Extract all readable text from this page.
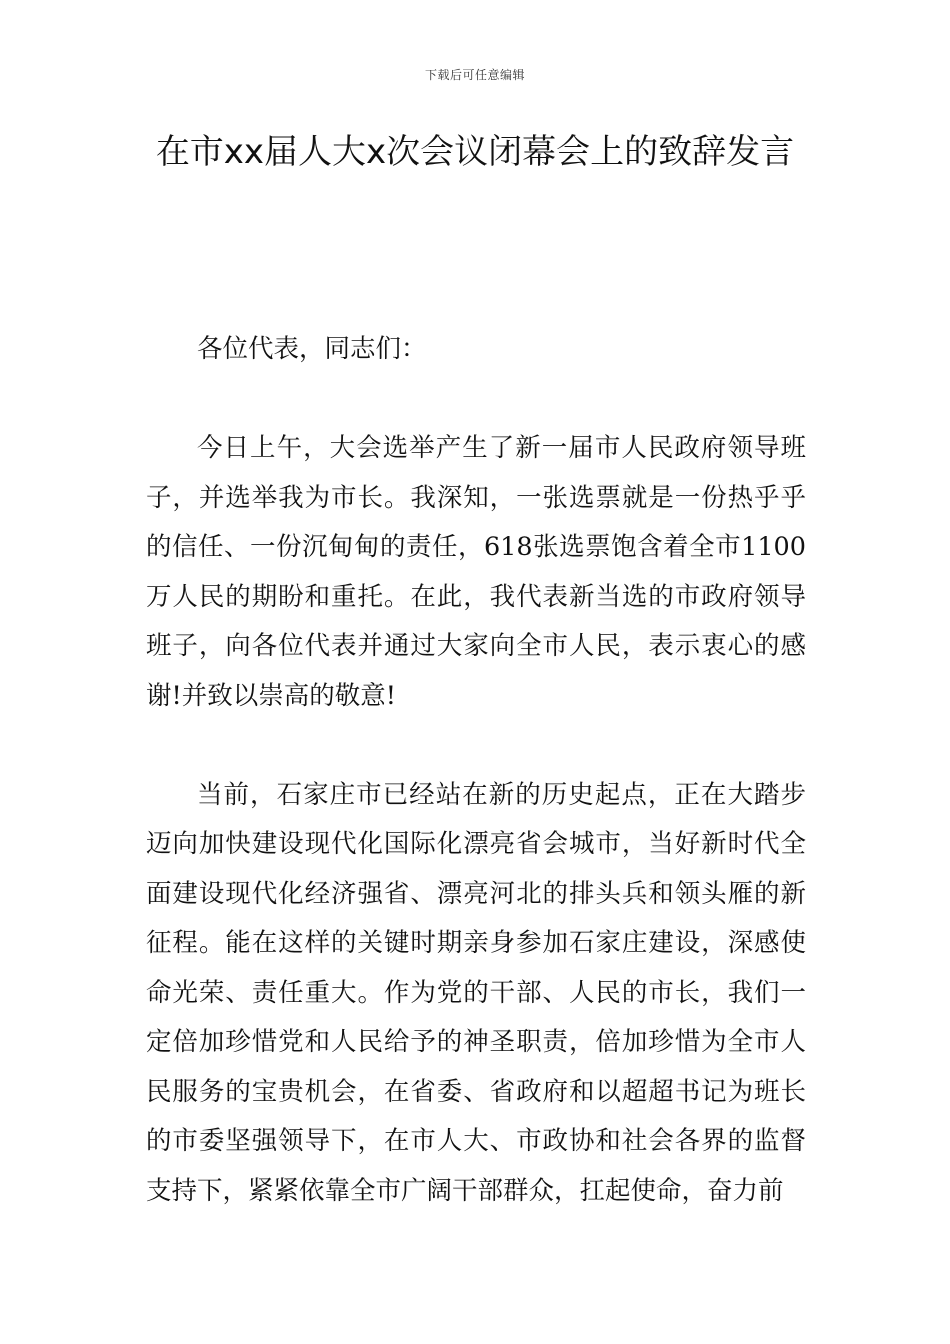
下载后可任意编辑
在市xx届人大x次会议闭幕会上的致辞发言

各位代表，同志们：

今日上午，大会选举产生了新一届市人民政府领导班子，并选举我为市长。我深知，一张选票就是一份热乎乎的信任、一份沉甸甸的责任，618张选票饱含着全市1100万人民的期盼和重托。在此，我代表新当选的市政府领导班子，向各位代表并通过大家向全市人民，表示衷心的感谢!并致以崇高的敬意!

当前，石家庄市已经站在新的历史起点，正在大踏步迈向加快建设现代化国际化漂亮省会城市，当好新时代全面建设现代化经济强省、漂亮河北的排头兵和领头雁的新征程。能在这样的关键时期亲身参加石家庄建设，深感使命光荣、责任重大。作为党的干部、人民的市长，我们一定倍加珍惜党和人民给予的神圣职责，倍加珍惜为全市人民服务的宝贵机会，在省委、省政府和以超超书记为班长的市委坚强领导下，在市人大、市政协和社会各界的监督支持下，紧紧依靠全市广阔干部群众，扛起使命，奋力前
